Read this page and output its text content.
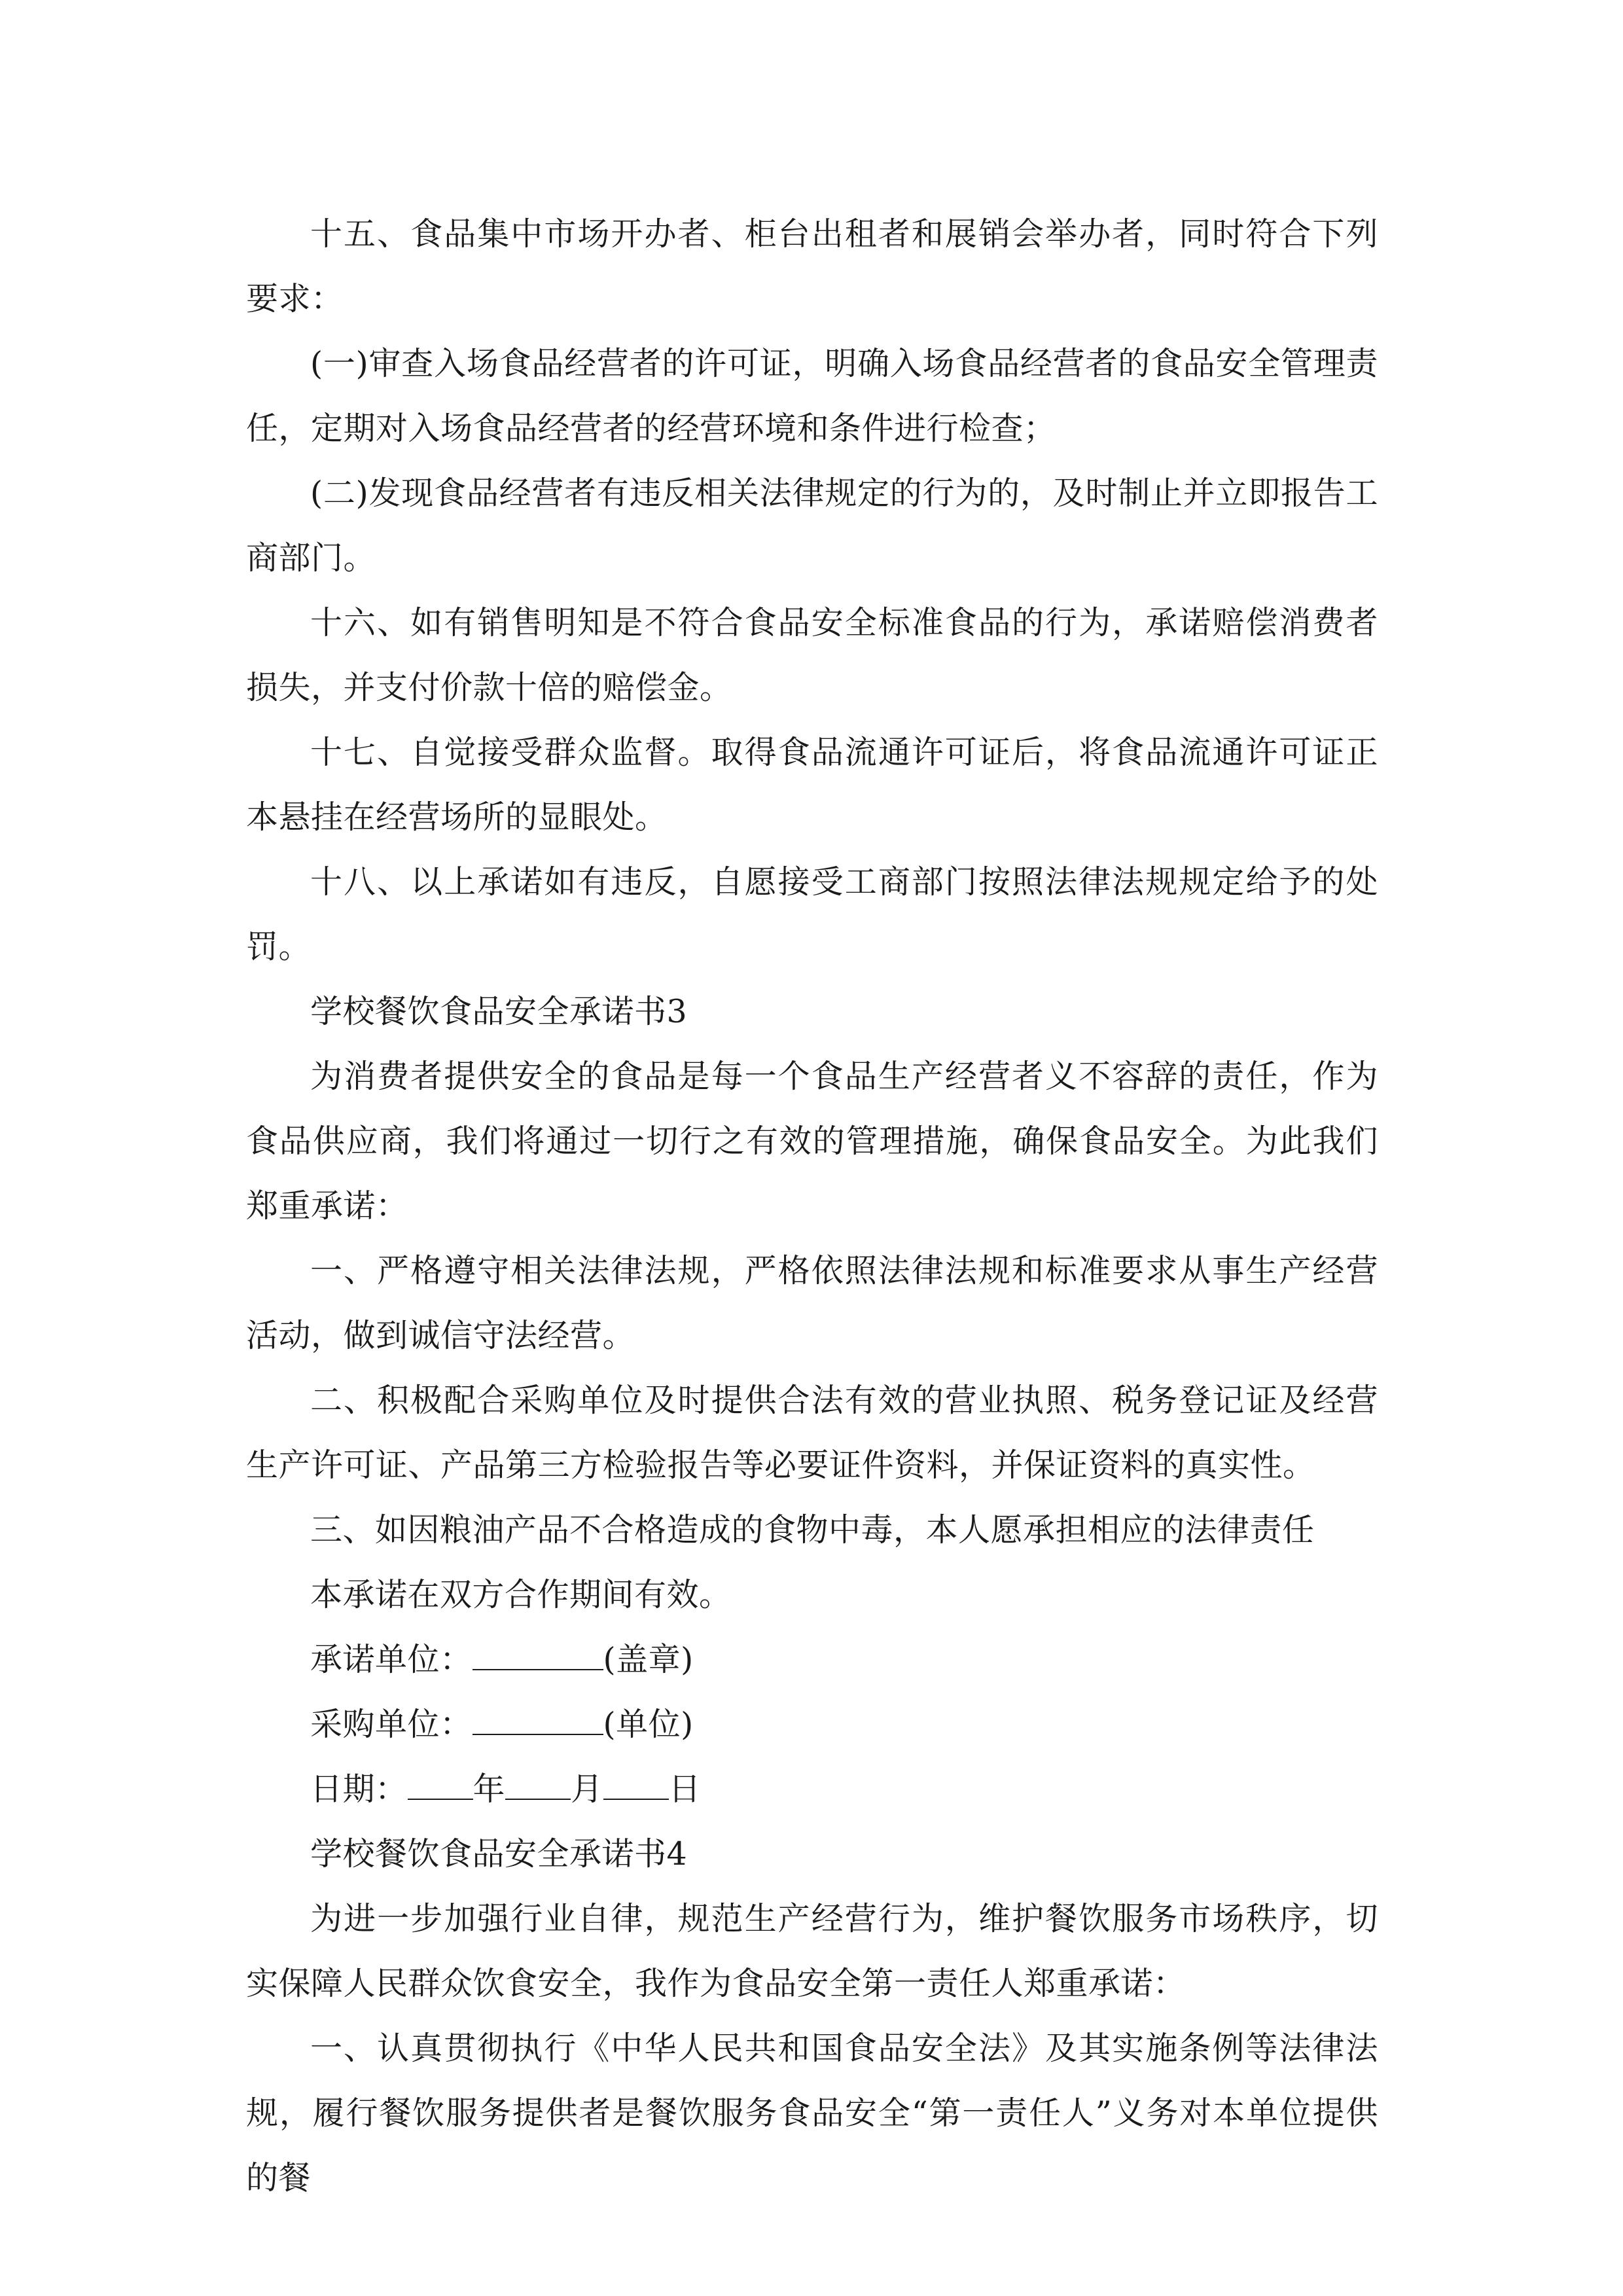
十五、食品集中市场开办者、柜台出租者和展销会举办者，同时符合下列要求：

(一)审查入场食品经营者的许可证，明确入场食品经营者的食品安全管理责任，定期对入场食品经营者的经营环境和条件进行检查；

(二)发现食品经营者有违反相关法律规定的行为的，及时制止并立即报告工商部门。

十六、如有销售明知是不符合食品安全标准食品的行为，承诺赔偿消费者损失，并支付价款十倍的赔偿金。

十七、自觉接受群众监督。取得食品流通许可证后，将食品流通许可证正本悬挂在经营场所的显眼处。

十八、以上承诺如有违反，自愿接受工商部门按照法律法规规定给予的处罚。

学校餐饮食品安全承诺书3

为消费者提供安全的食品是每一个食品生产经营者义不容辞的责任，作为食品供应商，我们将通过一切行之有效的管理措施，确保食品安全。为此我们郑重承诺：

一、严格遵守相关法律法规，严格依照法律法规和标准要求从事生产经营活动，做到诚信守法经营。

二、积极配合采购单位及时提供合法有效的营业执照、税务登记证及经营生产许可证、产品第三方检验报告等必要证件资料，并保证资料的真实性。

三、如因粮油产品不合格造成的食物中毒，本人愿承担相应的法律责任

本承诺在双方合作期间有效。

承诺单位：	(盖章)

采购单位：	(单位)

日期： 年 月 日

学校餐饮食品安全承诺书4

为进一步加强行业自律，规范生产经营行为，维护餐饮服务市场秩序，切实保障人民群众饮食安全，我作为食品安全第一责任人郑重承诺：

一、认真贯彻执行《中华人民共和国食品安全法》及其实施条例等法律法规，履行餐饮服务提供者是餐饮服务食品安全“第一责任人”义务对本单位提供的餐
